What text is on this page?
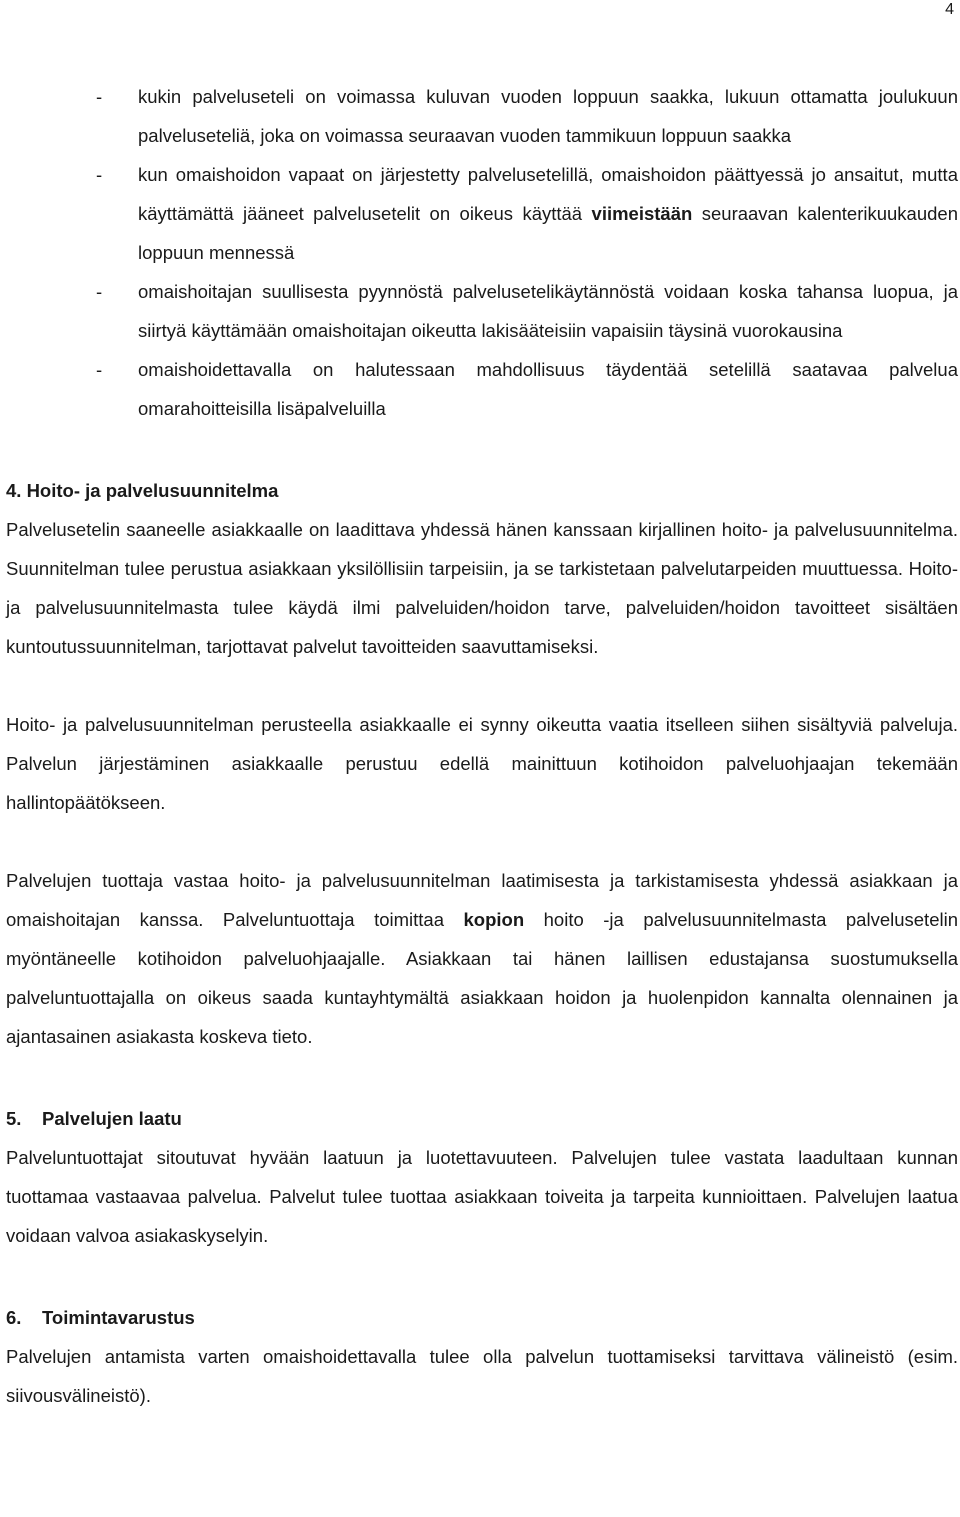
4
- kukin palveluseteli on voimassa kuluvan vuoden loppuun saakka, lukuun ottamatta joulukuun palveluseteliä, joka on voimassa seuraavan vuoden tammikuun loppuun saakka
- kun omaishoidon vapaat on järjestetty palvelusetelillä, omaishoidon päättyessä jo ansaitut, mutta käyttämättä jääneet palvelusetelit on oikeus käyttää viimeistään seuraavan kalenterikuukauden loppuun mennessä
- omaishoitajan suullisesta pyynnöstä palvelusetelikäytännöstä voidaan koska tahansa luopua, ja siirtyä käyttämään omaishoitajan oikeutta lakisääteisiin vapaisiin täysinä vuorokausina
- omaishoidettavalla on halutessaan mahdollisuus täydentää setelillä saatavaa palvelua omarahoitteisilla lisäpalveluilla
4. Hoito- ja palvelusuunnitelma

Palvelusetelin saaneelle asiakkaalle on laadittava yhdessä hänen kanssaan kirjallinen hoito- ja palvelusuunnitelma. Suunnitelman tulee perustua asiakkaan yksilöllisiin tarpeisiin, ja se tarkistetaan palvelutarpeiden muuttuessa. Hoito- ja palvelusuunnitelmasta tulee käydä ilmi palveluiden/hoidon tarve, palveluiden/hoidon tavoitteet sisältäen kuntoutussuunnitelman, tarjottavat palvelut tavoitteiden saavuttamiseksi.

Hoito- ja palvelusuunnitelman perusteella asiakkaalle ei synny oikeutta vaatia itselleen siihen sisältyviä palveluja. Palvelun järjestäminen asiakkaalle perustuu edellä mainittuun kotihoidon palveluohjaajan tekemään hallintopäätökseen.

Palvelujen tuottaja vastaa hoito- ja palvelusuunnitelman laatimisesta ja tarkistamisesta yhdessä asiakkaan ja omaishoitajan kanssa. Palveluntuottaja toimittaa kopion hoito -ja palvelusuunnitelmasta palvelusetelin myöntäneelle kotihoidon palveluohjaajalle. Asiakkaan tai hänen laillisen edustajansa suostumuksella palveluntuottajalla on oikeus saada kuntayhtymältä asiakkaan hoidon ja huolenpidon kannalta olennainen ja ajantasainen asiakasta koskeva tieto.

5. Palvelujen laatu

Palveluntuottajat sitoutuvat hyvään laatuun ja luotettavuuteen. Palvelujen tulee vastata laadultaan kunnan tuottamaa vastaavaa palvelua. Palvelut tulee tuottaa asiakkaan toiveita ja tarpeita kunnioittaen. Palvelujen laatua voidaan valvoa asiakaskyselyin.

6. Toimintavarustus

Palvelujen antamista varten omaishoidettavalla tulee olla palvelun tuottamiseksi tarvittava välineistö (esim. siivousvälineistö).
